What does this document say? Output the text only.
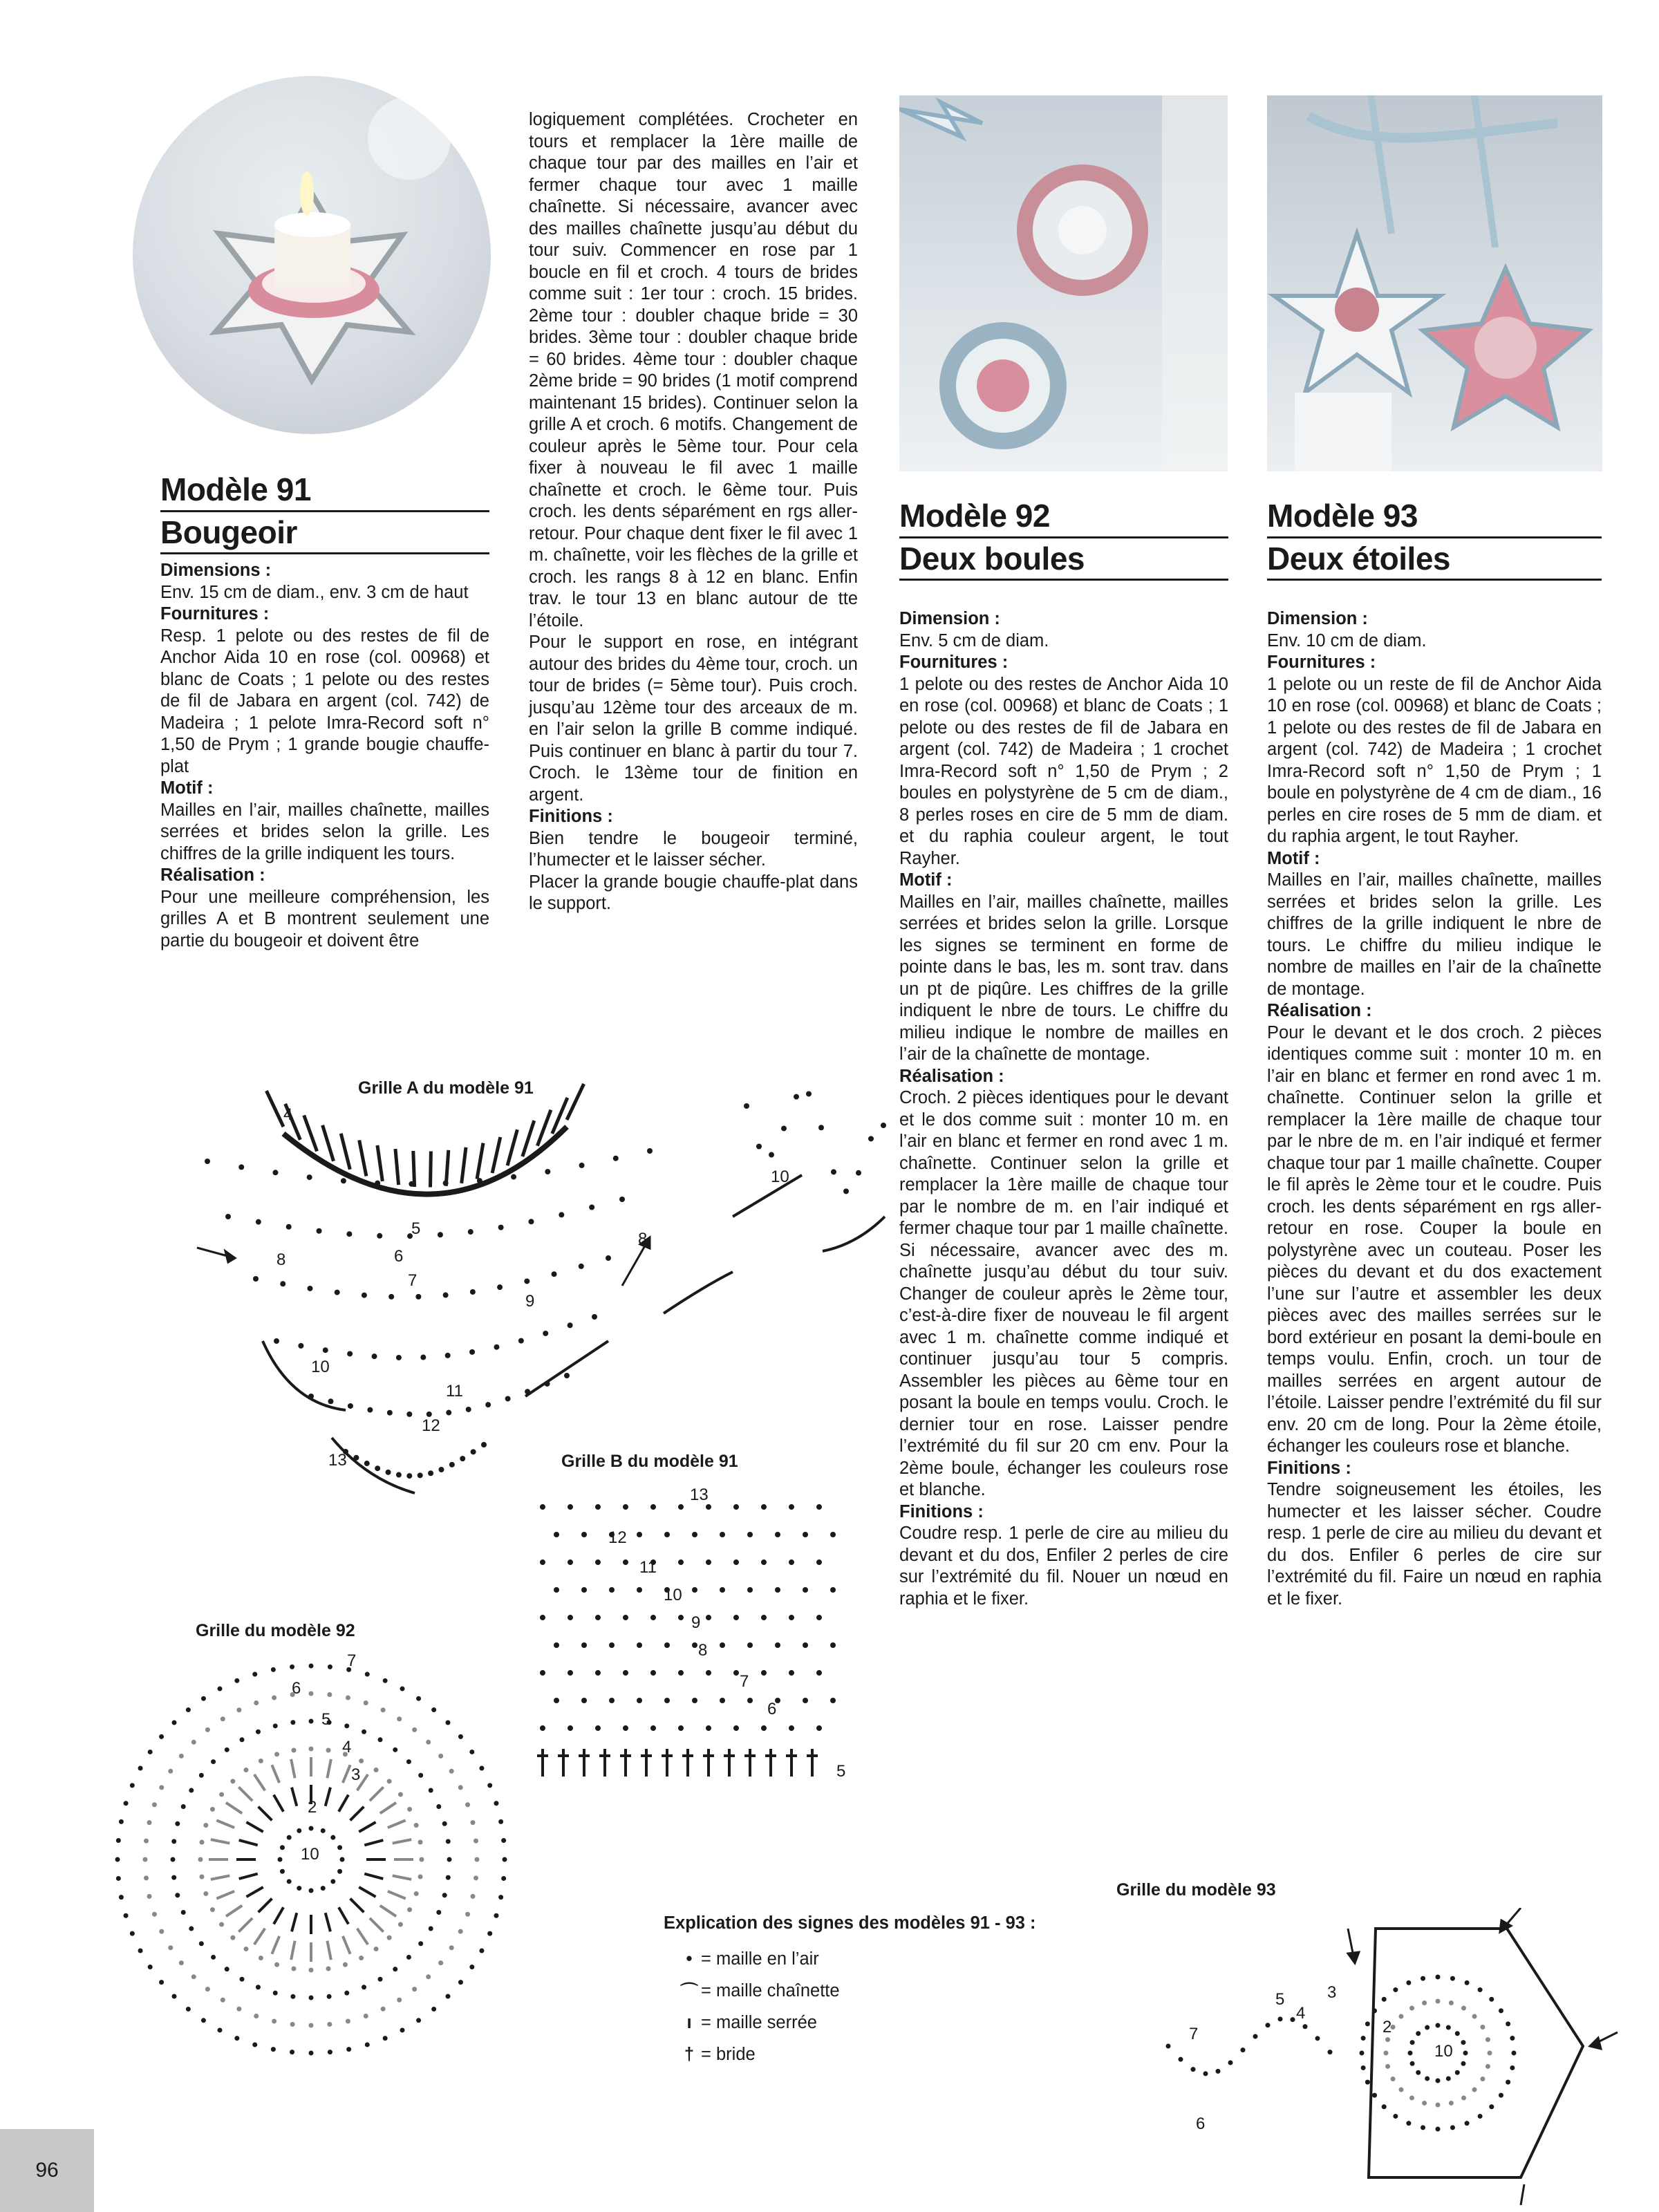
Modèle 91
Bougeoir

Dimensions :

Env. 15 cm de diam., env. 3 cm de haut

Fournitures :

Resp. 1 pelote ou des restes de fil de Anchor Aida 10 en rose (col. 00968) et blanc de Coats ; 1 pelote ou des restes de fil de Jabara en argent (col. 742) de Madeira ; 1 pelote Imra-Record soft n° 1,50 de Prym ; 1 grande bougie chauffe-plat

Motif :

Mailles en l’air, mailles chaînette, mailles serrées et brides selon la grille. Les chiffres de la grille indiquent les tours.

Réalisation :

Pour une meilleure compréhension, les grilles A et B montrent seulement une partie du bougeoir et doivent être

logiquement complétées. Crocheter en tours et remplacer la 1ère maille de chaque tour par des mailles en l’air et fermer chaque tour avec 1 maille chaînette. Si nécessaire, avancer avec des mailles chaînette jusqu’au début du tour suiv. Commencer en rose par 1 boucle en fil et croch. 4 tours de brides comme suit : 1er tour : croch. 15 brides. 2ème tour : doubler chaque bride = 30 brides. 3ème tour : doubler chaque bride = 60 brides. 4ème tour : doubler chaque 2ème bride = 90 brides (1 motif comprend maintenant 15 brides). Continuer selon la grille A et croch. 6 motifs. Changement de couleur après le 5ème tour. Pour cela fixer à nouveau le fil avec 1 maille chaînette et croch. le 6ème tour. Puis croch. les dents séparément en rgs aller-retour. Pour chaque dent fixer le fil avec 1 m. chaînette, voir les flèches de la grille et croch. les rangs 8 à 12 en blanc. Enfin trav. le tour 13 en blanc autour de tte l’étoile.

Pour le support en rose, en intégrant autour des brides du 4ème tour, croch. un tour de brides (= 5ème tour). Puis croch. jusqu’au 12ème tour des arceaux de m. en l’air selon la grille B comme indiqué. Puis continuer en blanc à partir du tour 7. Croch. le 13ème tour de finition en argent.

Finitions :

Bien tendre le bougeoir terminé, l’humecter et le laisser sécher.

Placer la grande bougie chauffe-plat dans le support.

Modèle 92
Deux boules

Dimension :

Env. 5 cm de diam.

Fournitures :

1 pelote ou des restes de Anchor Aida 10 en rose (col. 00968) et blanc de Coats ; 1 pelote ou des restes de fil de Jabara en argent (col. 742) de Madeira ; 1 crochet Imra-Record soft n° 1,50 de Prym ; 2 boules en polystyrène de 5 cm de diam., 8 perles roses en cire de 5 mm de diam. et du raphia couleur argent, le tout Rayher.

Motif :

Mailles en l’air, mailles chaînette, mailles serrées et brides selon la grille. Lorsque les signes se terminent en forme de pointe dans le bas, les m. sont trav. dans un pt de piqûre. Les chiffres de la grille indiquent le nbre de tours. Le chiffre du milieu indique le nombre de mailles en l’air de la chaînette de montage.

Réalisation :

Croch. 2 pièces identiques pour le devant et le dos comme suit : monter 10 m. en l’air en blanc et fermer en rond avec 1 m. chaînette. Continuer selon la grille et remplacer la 1ère maille de chaque tour par le nombre de m. en l’air indiqué et fermer chaque tour par 1 maille chaînette. Si nécessaire, avancer avec des m. chaînette jusqu’au début du tour suiv. Changer de couleur après le 2ème tour, c’est-à-dire fixer de nouveau le fil argent avec 1 m. chaînette comme indiqué et continuer jusqu’au tour 5 compris. Assembler les pièces au 6ème tour en posant la boule en temps voulu. Croch. le dernier tour en rose. Laisser pendre l’extrémité du fil sur 20 cm env. Pour la 2ème boule, échanger les couleurs rose et blanche.

Finitions :

Coudre resp. 1 perle de cire au milieu du devant et du dos, Enfiler 2 perles de cire sur l’extrémité du fil. Nouer un nœud en raphia et le fixer.

Modèle 93
Deux étoiles

Dimension :

Env. 10 cm de diam.

Fournitures :

1 pelote ou un reste de fil de Anchor Aida 10 en rose (col. 00968) et blanc de Coats ; 1 pelote ou des restes de fil de Jabara en argent (col. 742) de Madeira ; 1 crochet Imra-Record soft n° 1,50 de Prym ; 1 boule en polystyrène de 4 cm de diam., 16 perles en cire roses de 5 mm de diam. et du raphia argent, le tout Rayher.

Motif :

Mailles en l’air, mailles chaînette, mailles serrées et brides selon la grille. Les chiffres de la grille indiquent le nbre de tours. Le chiffre du milieu indique le nombre de mailles en l’air de la chaînette de montage.

Réalisation :

Pour le devant et le dos croch. 2 pièces identiques comme suit : monter 10 m. en l’air en blanc et fermer en rond avec 1 m. chaînette. Continuer selon la grille et remplacer la 1ère maille de chaque tour par le nbre de m. en l’air indiqué et fermer chaque tour par 1 maille chaînette. Couper le fil après le 2ème tour et le coudre. Puis croch. les dents séparément en rgs aller-retour en rose. Couper la boule en polystyrène avec un couteau. Poser les pièces du devant et du dos exactement l’une sur l’autre et assembler les deux pièces avec des mailles serrées sur le bord extérieur en posant la demi-boule en temps voulu. Enfin, croch. un tour de mailles serrées en argent autour de l’étoile. Laisser pendre l’extrémité du fil sur env. 20 cm de long. Pour la 2ème étoile, échanger les couleurs rose et blanche.

Finitions :

Tendre soigneusement les étoiles, les humecter et les laisser sécher. Coudre resp. 1 perle de cire au milieu du devant et du dos. Enfiler 6 perles de cire sur l’extrémité du fil. Faire un nœud en raphia et le fixer.

Grille A du modèle 91
4
5
6
7
8
9
10
11
12
13
8
10
Grille B du modèle 91
13
12
11
10
9
8
7
6
5
Grille du modèle 92
7
6
5
4
3
2
10
Grille du modèle 93
7
6
5
4
3
2
10
Explication des signes des modèles 91 - 93 :
• = maille en l’air
⌒ = maille chaînette
ı = maille serrée
† = bride
96
